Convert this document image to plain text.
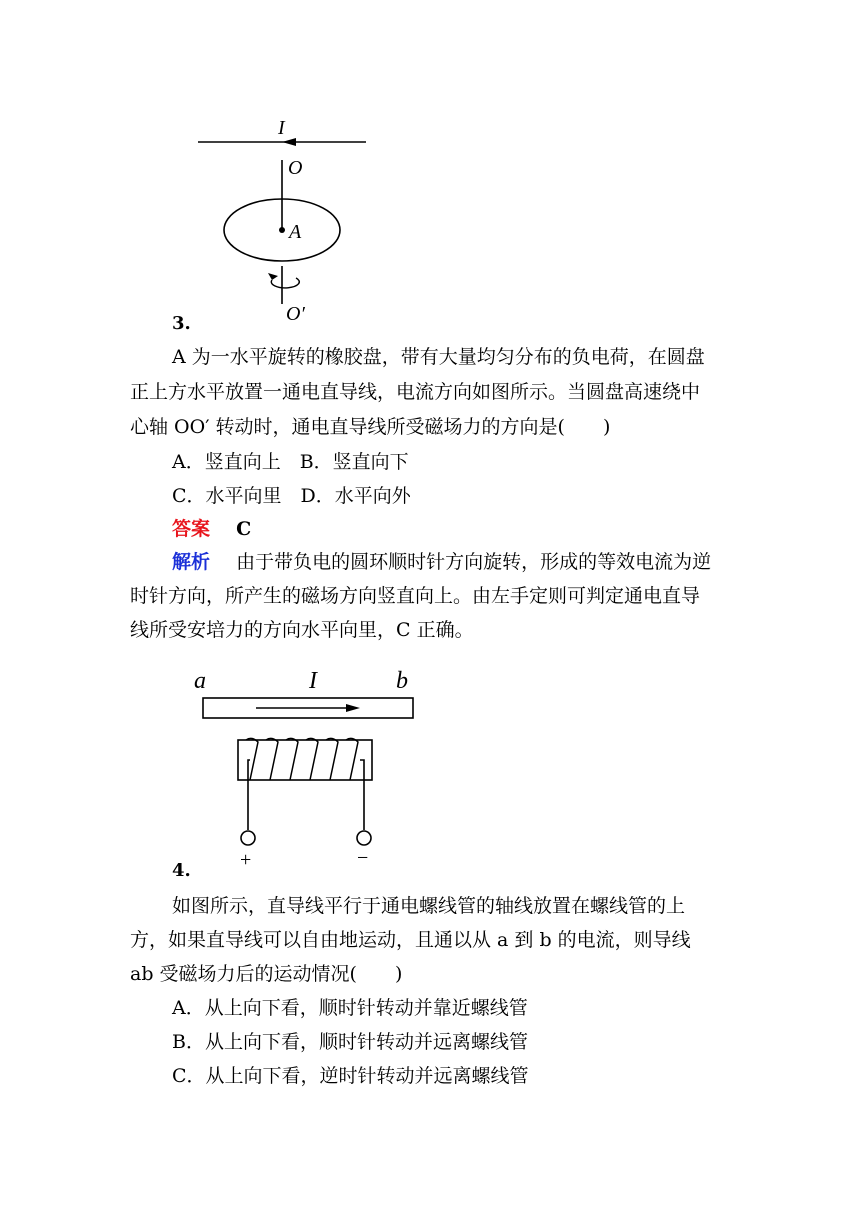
I
O
A
O′
3.
A 为一水平旋转的橡胶盘，带有大量均匀分布的负电荷，在圆盘
正上方水平放置一通电直导线，电流方向如图所示。当圆盘高速绕中
心轴 OO′ 转动时，通电直导线所受磁场力的方向是(　　)
A．竖直向上　B．竖直向下
C．水平向里　D．水平向外
答案 C
解析 由于带负电的圆环顺时针方向旋转，形成的等效电流为逆
时针方向，所产生的磁场方向竖直向上。由左手定则可判定通电直导
线所受安培力的方向水平向里，C 正确。
a	I	b
+	−
4.
如图所示，直导线平行于通电螺线管的轴线放置在螺线管的上
方，如果直导线可以自由地运动，且通以从 a 到 b 的电流，则导线
ab 受磁场力后的运动情况(　　)
A．从上向下看，顺时针转动并靠近螺线管
B．从上向下看，顺时针转动并远离螺线管
C．从上向下看，逆时针转动并远离螺线管
